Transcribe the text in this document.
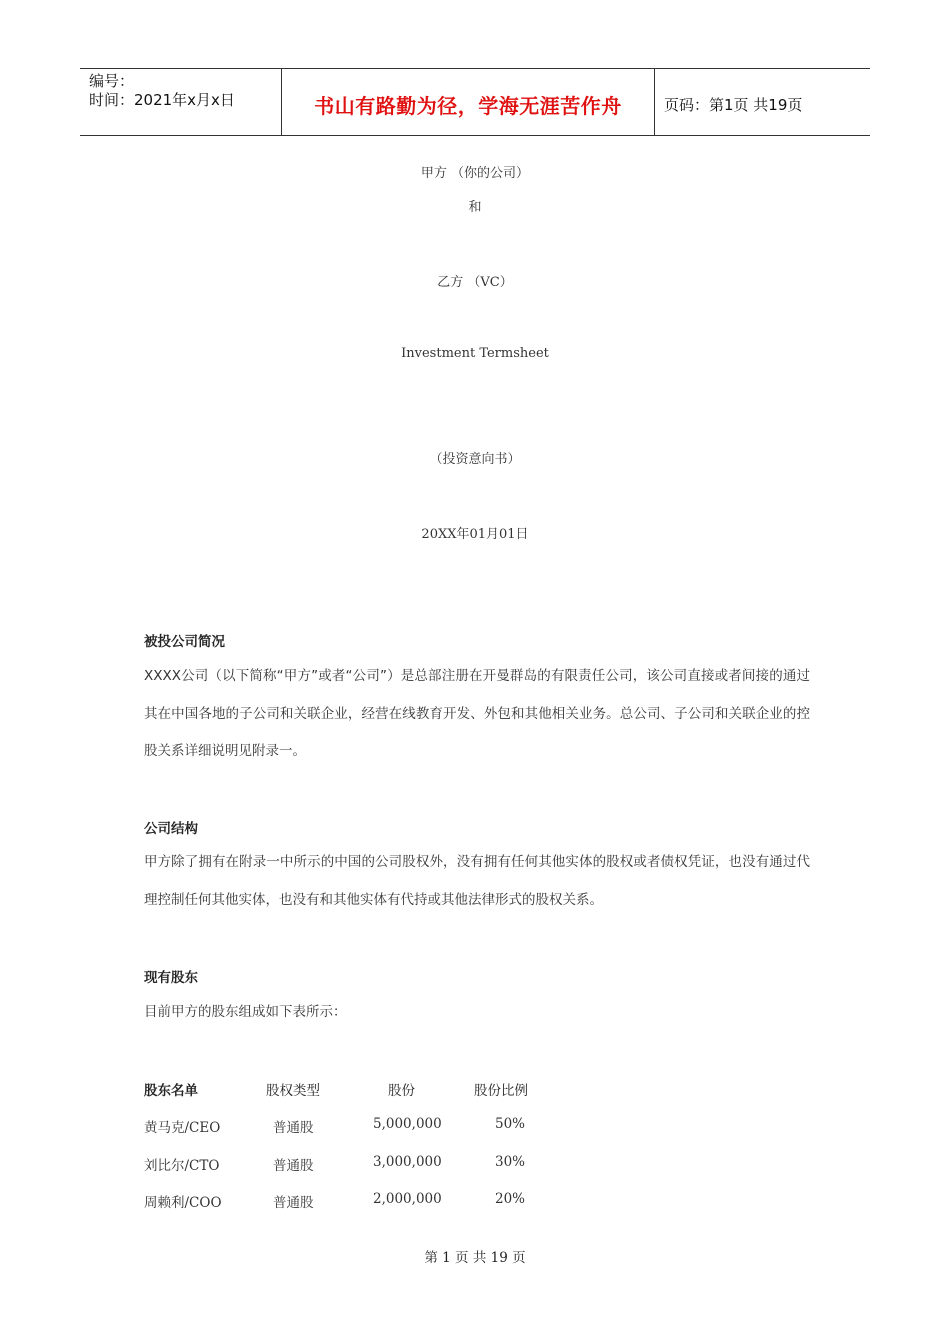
编号：
时间：2021年x月x日	书山有路勤为径，学海无涯苦作舟	页码：第1页 共19页
甲方 （你的公司）
和
乙方 （VC）
Investment Termsheet
（投资意向书）
20XX年01月01日
被投公司简况
XXXX公司（以下简称“甲方”或者“公司”）是总部注册在开曼群岛的有限责任公司，该公司直接或者间接的通过其在中国各地的子公司和关联企业，经营在线教育开发、外包和其他相关业务。总公司、子公司和关联企业的控股关系详细说明见附录一。
公司结构
甲方除了拥有在附录一中所示的中国的公司股权外，没有拥有任何其他实体的股权或者债权凭证，也没有通过代理控制任何其他实体，也没有和其他实体有代持或其他法律形式的股权关系。
现有股东
目前甲方的股东组成如下表所示：
股东名单	股权类型	股份	股份比例
黄马克/CEO	普通股	5,000,000	50%
刘比尔/CTO	普通股	3,000,000	30%
周赖利/COO	普通股	2,000,000	20%
第 1 页 共 19 页
